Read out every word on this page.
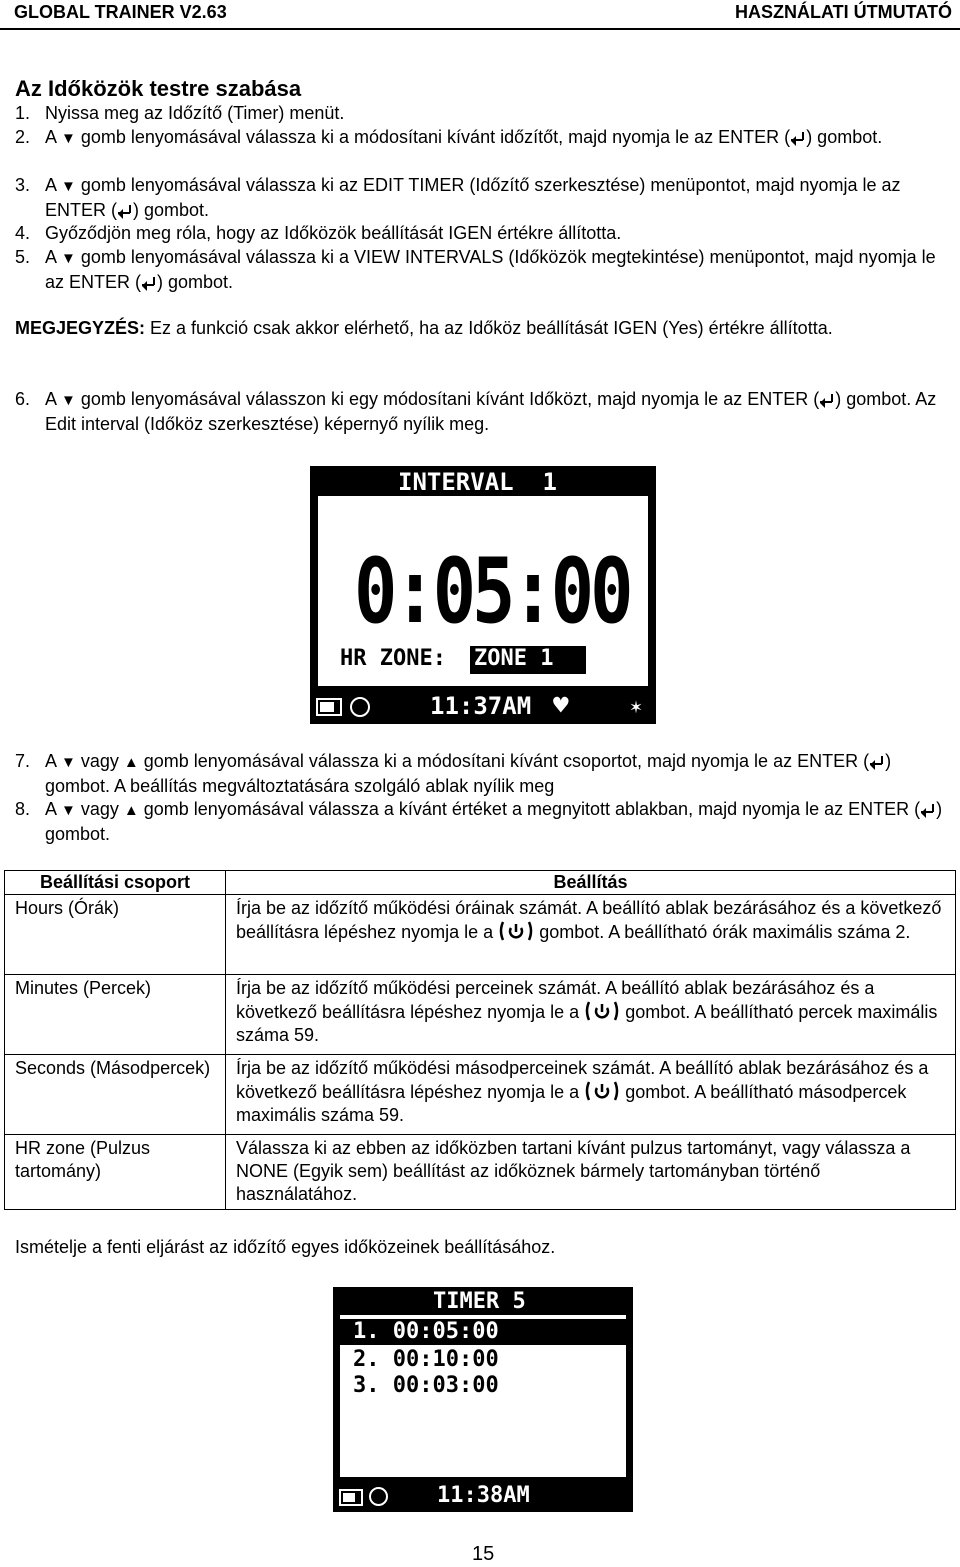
GLOBAL TRAINER V2.63	HASZNÁLATI ÚTMUTATÓ
Az Időközök testre szabása
1. Nyissa meg az Időzítő (Timer) menüt.
2. A ▼ gomb lenyomásával válassza ki a módosítani kívánt időzítőt, majd nyomja le az ENTER ( ) gombot.
3. A ▼ gomb lenyomásával válassza ki az EDIT TIMER (Időzítő szerkesztése) menüpontot, majd nyomja le az ENTER ( ) gombot.
4. Győződjön meg róla, hogy az Időközök beállítását IGEN értékre állította.
5. A ▼ gomb lenyomásával válassza ki a VIEW INTERVALS (Időközök megtekintése) menüpontot, majd nyomja le az ENTER ( ) gombot.
MEGJEGYZÉS: Ez a funkció csak akkor elérhető, ha az Időköz beállítását IGEN (Yes) értékre állította.
6. A ▼ gomb lenyomásával válasszon ki egy módosítani kívánt Időközt, majd nyomja le az ENTER ( ) gombot. Az Edit interval (Időköz szerkesztése) képernyő nyílik meg.
INTERVAL  1
0:05:00
HR ZONE: ZONE 1
11:37AM ♥	✶
7. A ▼ vagy ▲ gomb lenyomásával válassza ki a módosítani kívánt csoportot, majd nyomja le az ENTER ( ) gombot. A beállítás megváltoztatására szolgáló ablak nyílik meg
8. A ▼ vagy ▲ gomb lenyomásával válassza a kívánt értéket a megnyitott ablakban, majd nyomja le az ENTER ( ) gombot.
Beállítási csoport	Beállítás
Hours (Órák)	Írja be az időzítő működési óráinak számát. A beállító ablak bezárásához és a következő beállításra lépéshez nyomja le a gombot. A beállítható órák maximális száma 2.
Minutes (Percek)	Írja be az időzítő működési perceinek számát. A beállító ablak bezárásához és a következő beállításra lépéshez nyomja le a gombot. A beállítható percek maximális száma 59.
Seconds (Másodpercek)	Írja be az időzítő működési másodperceinek számát. A beállító ablak bezárásához és a következő beállításra lépéshez nyomja le a gombot. A beállítható másodpercek maximális száma 59.
HR zone (Pulzus tartomány)	Válassza ki az ebben az időközben tartani kívánt pulzus tartományt, vagy válassza a NONE (Egyik sem) beállítást az időköznek bármely tartományban történő használatához.
Ismételje a fenti eljárást az időzítő egyes időközeinek beállításához.
TIMER 5
1. 00:05:00
2. 00:10:00
3. 00:03:00
11:38AM
15
